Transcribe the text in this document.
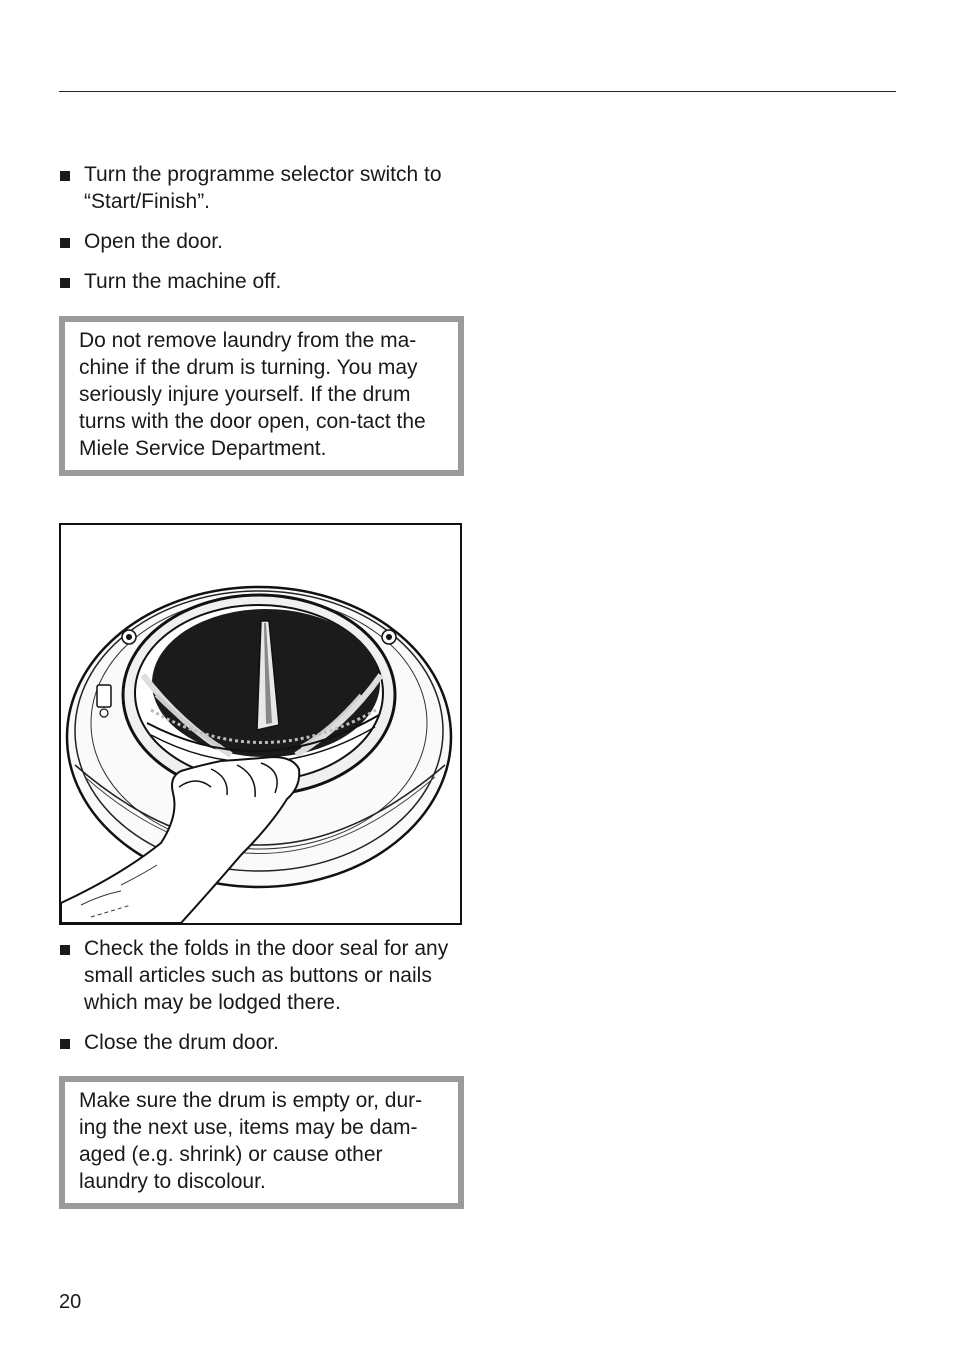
Turn the programme selector switch to “Start/Finish”.
Open the door.
Turn the machine off.
Do not remove laundry from the ma-chine if the drum is turning. You may seriously injure yourself. If the drum turns with the door open, con-tact the Miele Service Department.
Check the folds in the door seal for any small articles such as buttons or nails which may be lodged there.
Close the drum door.
Make sure the drum is empty or, dur-ing the next use, items may be dam-aged (e.g. shrink) or cause other laundry to discolour.
20
